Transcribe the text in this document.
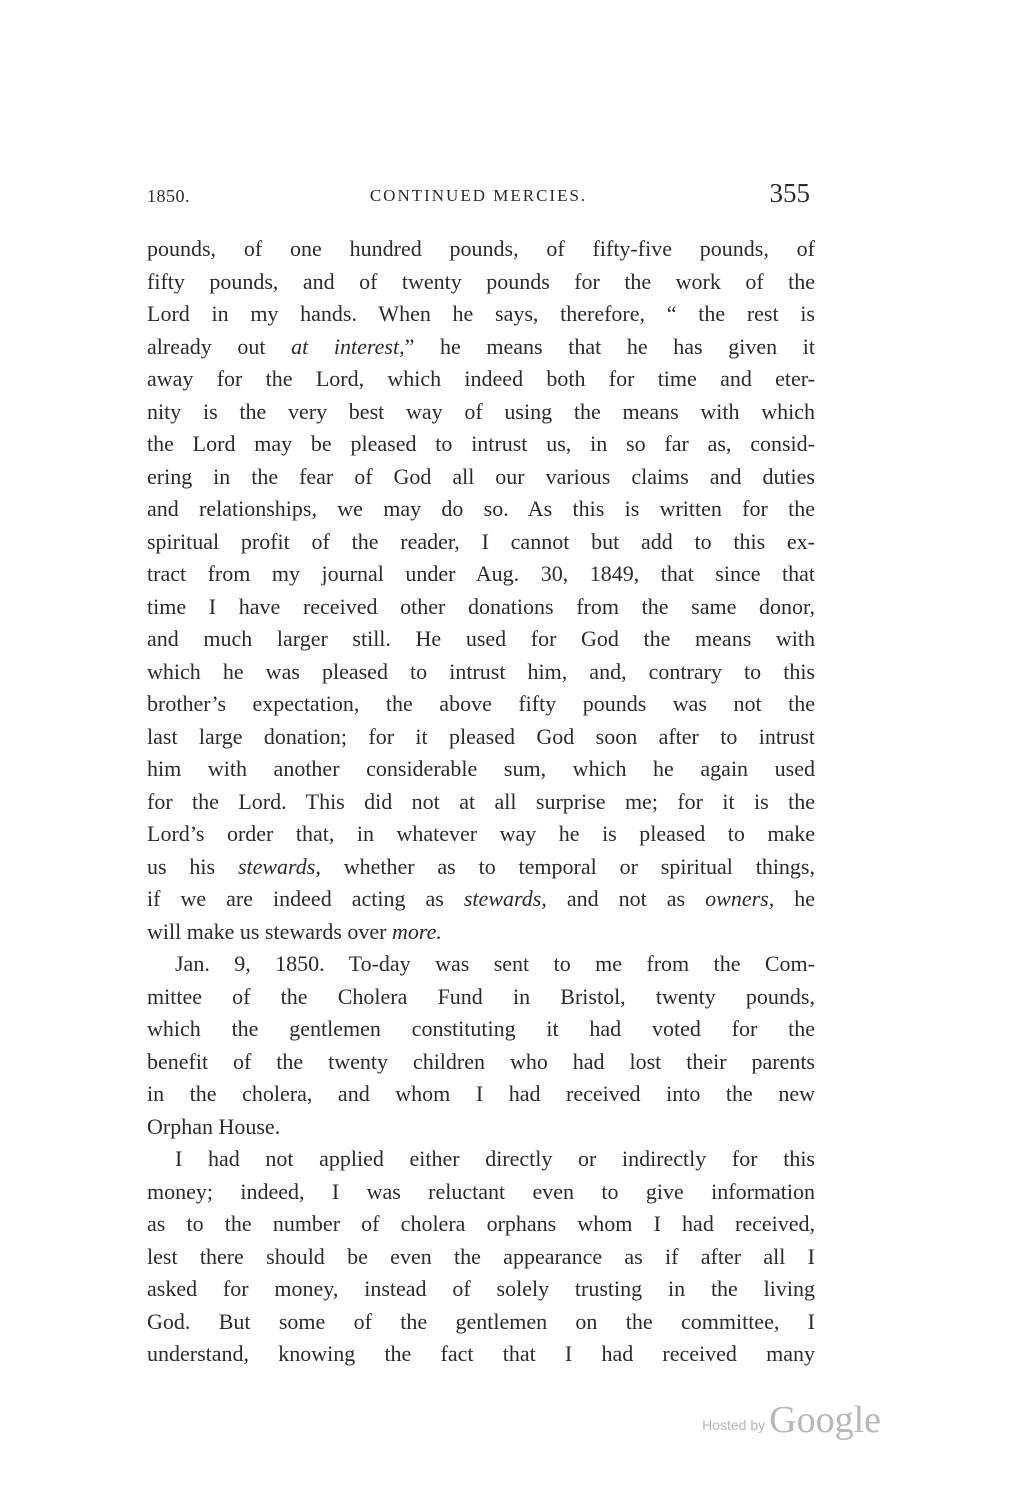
1850.	CONTINUED MERCIES.	355
pounds, of one hundred pounds, of fifty-five pounds, of
fifty pounds, and of twenty pounds for the work of the
Lord in my hands. When he says, therefore, “ the rest is
already out at interest,” he means that he has given it
away for the Lord, which indeed both for time and eter-
nity is the very best way of using the means with which
the Lord may be pleased to intrust us, in so far as, consid-
ering in the fear of God all our various claims and duties
and relationships, we may do so. As this is written for the
spiritual profit of the reader, I cannot but add to this ex-
tract from my journal under Aug. 30, 1849, that since that
time I have received other donations from the same donor,
and much larger still. He used for God the means with
which he was pleased to intrust him, and, contrary to this
brother’s expectation, the above fifty pounds was not the
last large donation; for it pleased God soon after to intrust
him with another considerable sum, which he again used
for the Lord. This did not at all surprise me; for it is the
Lord’s order that, in whatever way he is pleased to make
us his stewards, whether as to temporal or spiritual things,
if we are indeed acting as stewards, and not as owners, he
will make us stewards over more.
Jan. 9, 1850. To-day was sent to me from the Com-
mittee of the Cholera Fund in Bristol, twenty pounds,
which the gentlemen constituting it had voted for the
benefit of the twenty children who had lost their parents
in the cholera, and whom I had received into the new
Orphan House.
I had not applied either directly or indirectly for this
money; indeed, I was reluctant even to give information
as to the number of cholera orphans whom I had received,
lest there should be even the appearance as if after all I
asked for money, instead of solely trusting in the living
God. But some of the gentlemen on the committee, I
understand, knowing the fact that I had received many
Hosted by Google
